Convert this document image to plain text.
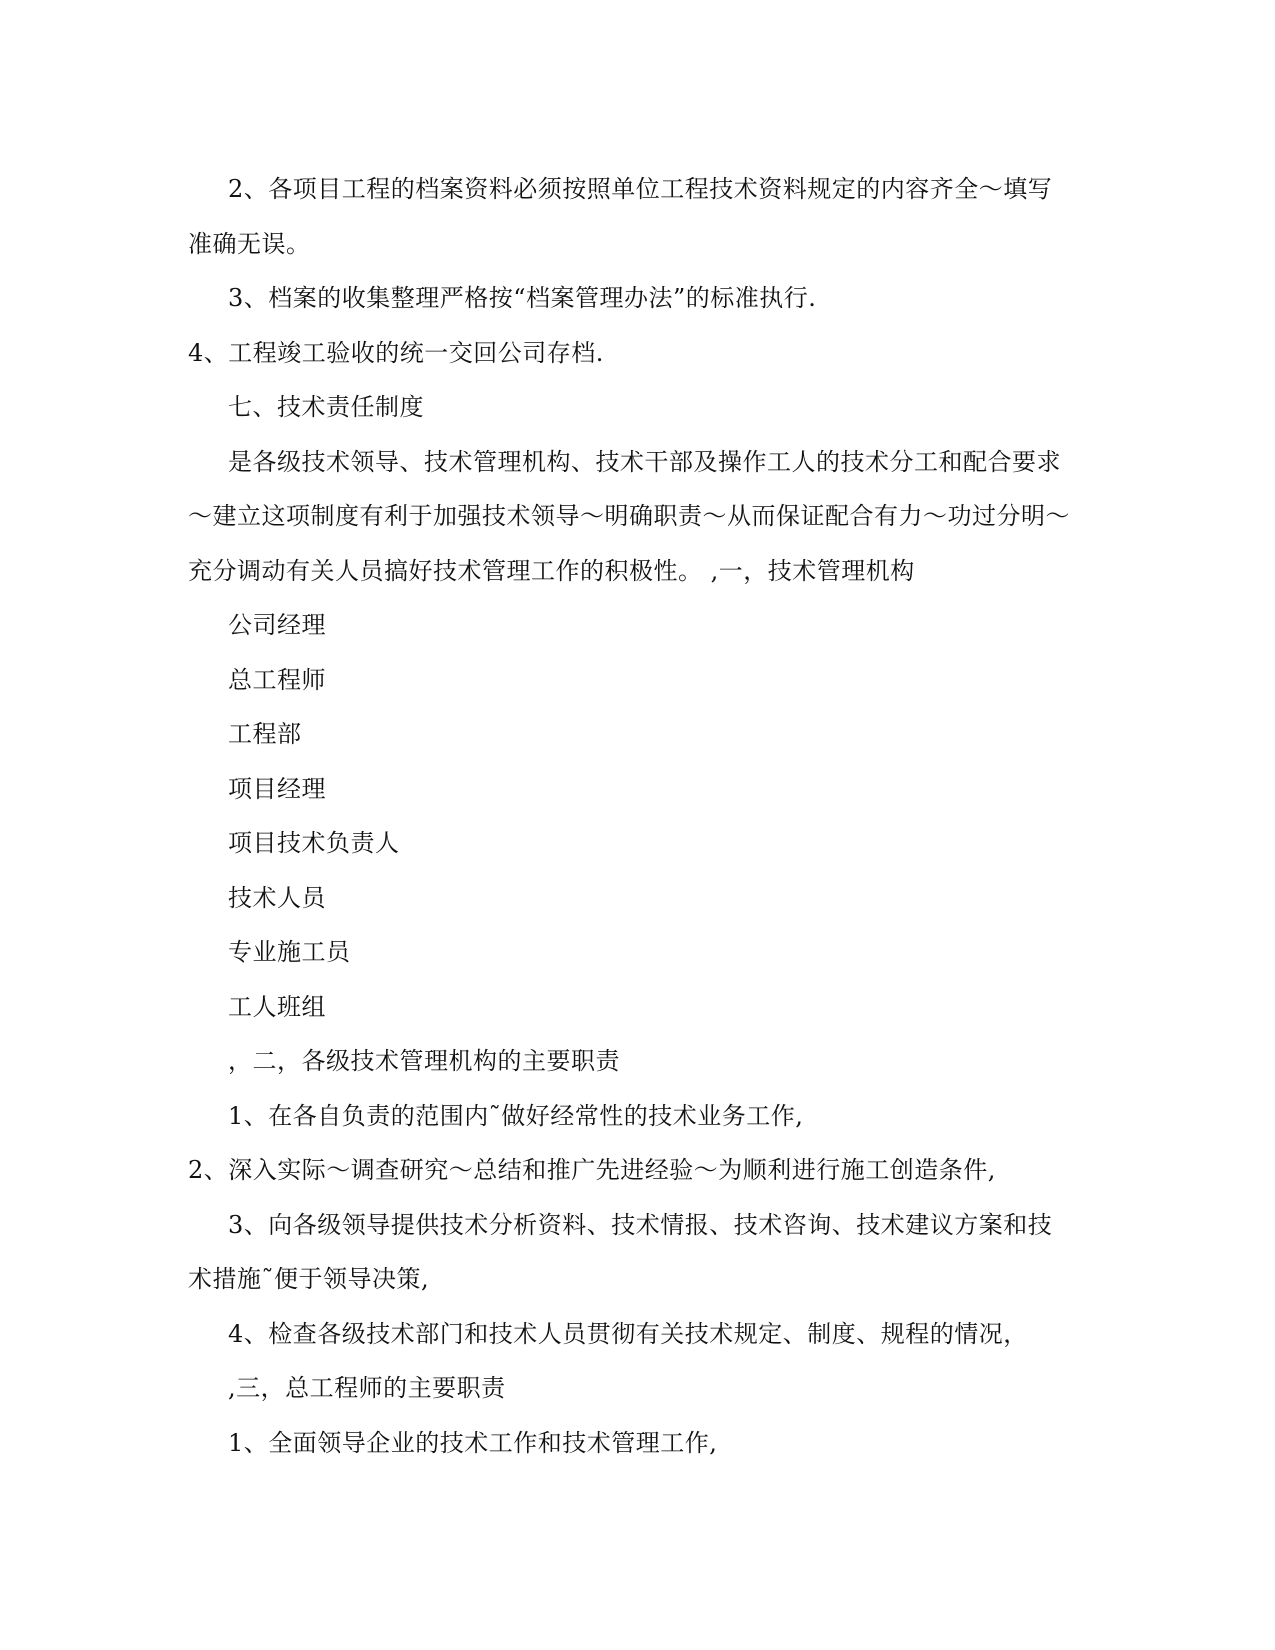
2、各项目工程的档案资料必须按照单位工程技术资料规定的内容齐全～填写
准确无误。
3、档案的收集整理严格按“档案管理办法”的标准执行.
4、工程竣工验收的统一交回公司存档.
七、技术责任制度
是各级技术领导、技术管理机构、技术干部及操作工人的技术分工和配合要求
～建立这项制度有利于加强技术领导～明确职责～从而保证配合有力～功过分明～
充分调动有关人员搞好技术管理工作的积极性。 ,一，技术管理机构
公司经理
总工程师
工程部
项目经理
项目技术负责人
技术人员
专业施工员
工人班组
，二，各级技术管理机构的主要职责
1、在各自负责的范围内˜做好经常性的技术业务工作,
2、深入实际～调查研究～总结和推广先进经验～为顺利进行施工创造条件,
3、向各级领导提供技术分析资料、技术情报、技术咨询、技术建议方案和技
术措施˜便于领导决策,
4、检查各级技术部门和技术人员贯彻有关技术规定、制度、规程的情况，
,三，总工程师的主要职责
1、全面领导企业的技术工作和技术管理工作,
